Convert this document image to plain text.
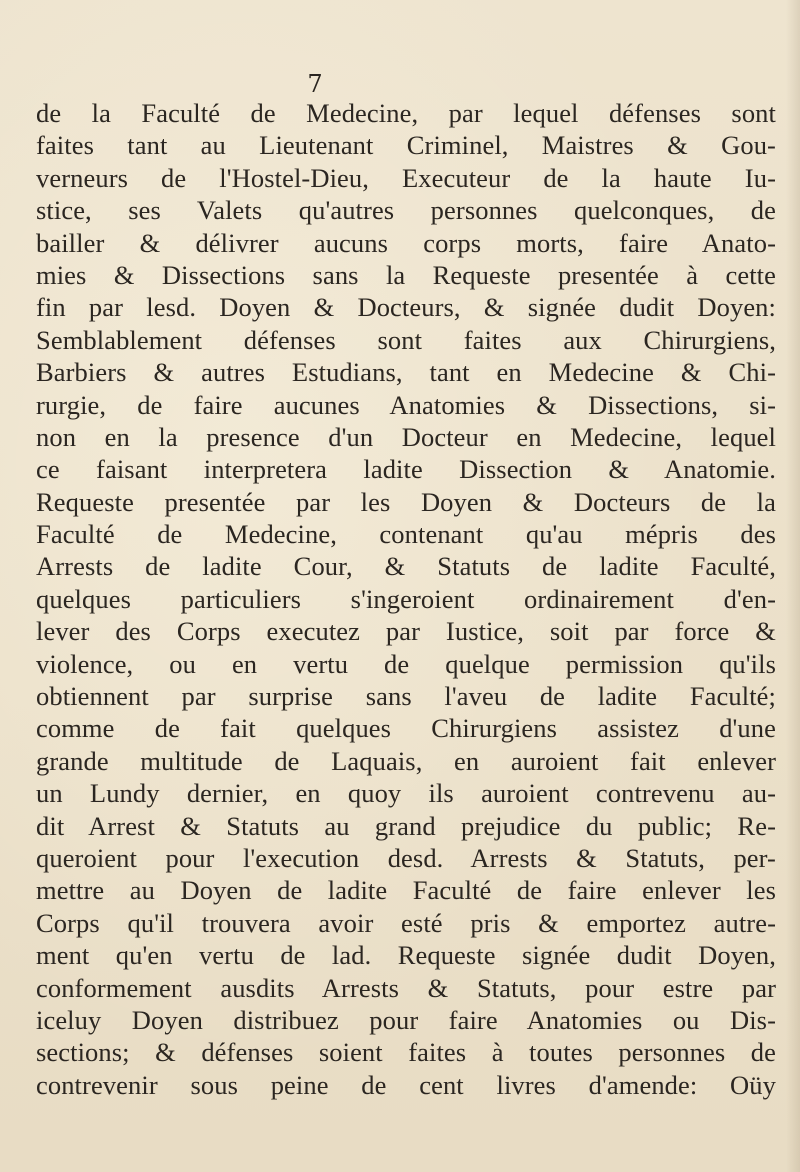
7
de la Faculté de Medecine, par lequel défenses sont
faites tant au Lieutenant Criminel, Maistres & Gou-
verneurs de l'Hostel-Dieu, Executeur de la haute Iu-
stice, ses Valets qu'autres personnes quelconques, de
bailler & délivrer aucuns corps morts, faire Anato-
mies & Dissections sans la Requeste presentée à cette
fin par lesd. Doyen & Docteurs, & signée dudit Doyen:
Semblablement défenses sont faites aux Chirurgiens,
Barbiers & autres Estudians, tant en Medecine & Chi-
rurgie, de faire aucunes Anatomies & Dissections, si-
non en la presence d'un Docteur en Medecine, lequel
ce faisant interpretera ladite Dissection & Anatomie.
Requeste presentée par les Doyen & Docteurs de la
Faculté de Medecine, contenant qu'au mépris des
Arrests de ladite Cour, & Statuts de ladite Faculté,
quelques particuliers s'ingeroient ordinairement d'en-
lever des Corps executez par Iustice, soit par force &
violence, ou en vertu de quelque permission qu'ils
obtiennent par surprise sans l'aveu de ladite Faculté;
comme de fait quelques Chirurgiens assistez d'une
grande multitude de Laquais, en auroient fait enlever
un Lundy dernier, en quoy ils auroient contrevenu au-
dit Arrest & Statuts au grand prejudice du public; Re-
queroient pour l'execution desd. Arrests & Statuts, per-
mettre au Doyen de ladite Faculté de faire enlever les
Corps qu'il trouvera avoir esté pris & emportez autre-
ment qu'en vertu de lad. Requeste signée dudit Doyen,
conformement ausdits Arrests & Statuts, pour estre par
iceluy Doyen distribuez pour faire Anatomies ou Dis-
sections; & défenses soient faites à toutes personnes de
contrevenir sous peine de cent livres d'amende: Oüy
